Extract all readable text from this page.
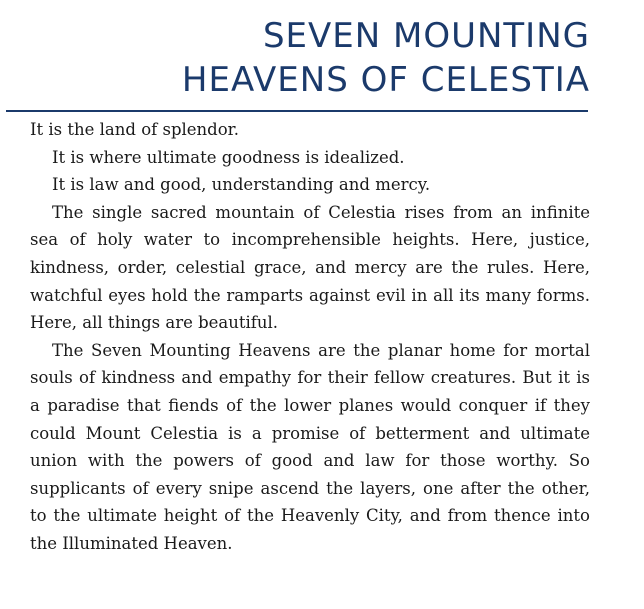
SEVEN MOUNTING
HEAVENS OF CELESTIA

It is the land of splendor.

It is where ultimate goodness is idealized.

It is law and good, understanding and mercy.

The single sacred mountain of Celestia rises from an infinite sea of holy water to incomprehensible heights. Here, justice, kindness, order, celestial grace, and mercy are the rules. Here, watchful eyes hold the ramparts against evil in all its many forms. Here, all things are beautiful.

The Seven Mounting Heavens are the planar home for mortal souls of kindness and empathy for their fellow creatures. But it is a paradise that fiends of the lower planes would conquer if they could Mount Celestia is a promise of betterment and ultimate union with the powers of good and law for those worthy. So supplicants of every snipe ascend the layers, one after the other, to the ultimate height of the Heavenly City, and from thence into the Illuminated Heaven.
